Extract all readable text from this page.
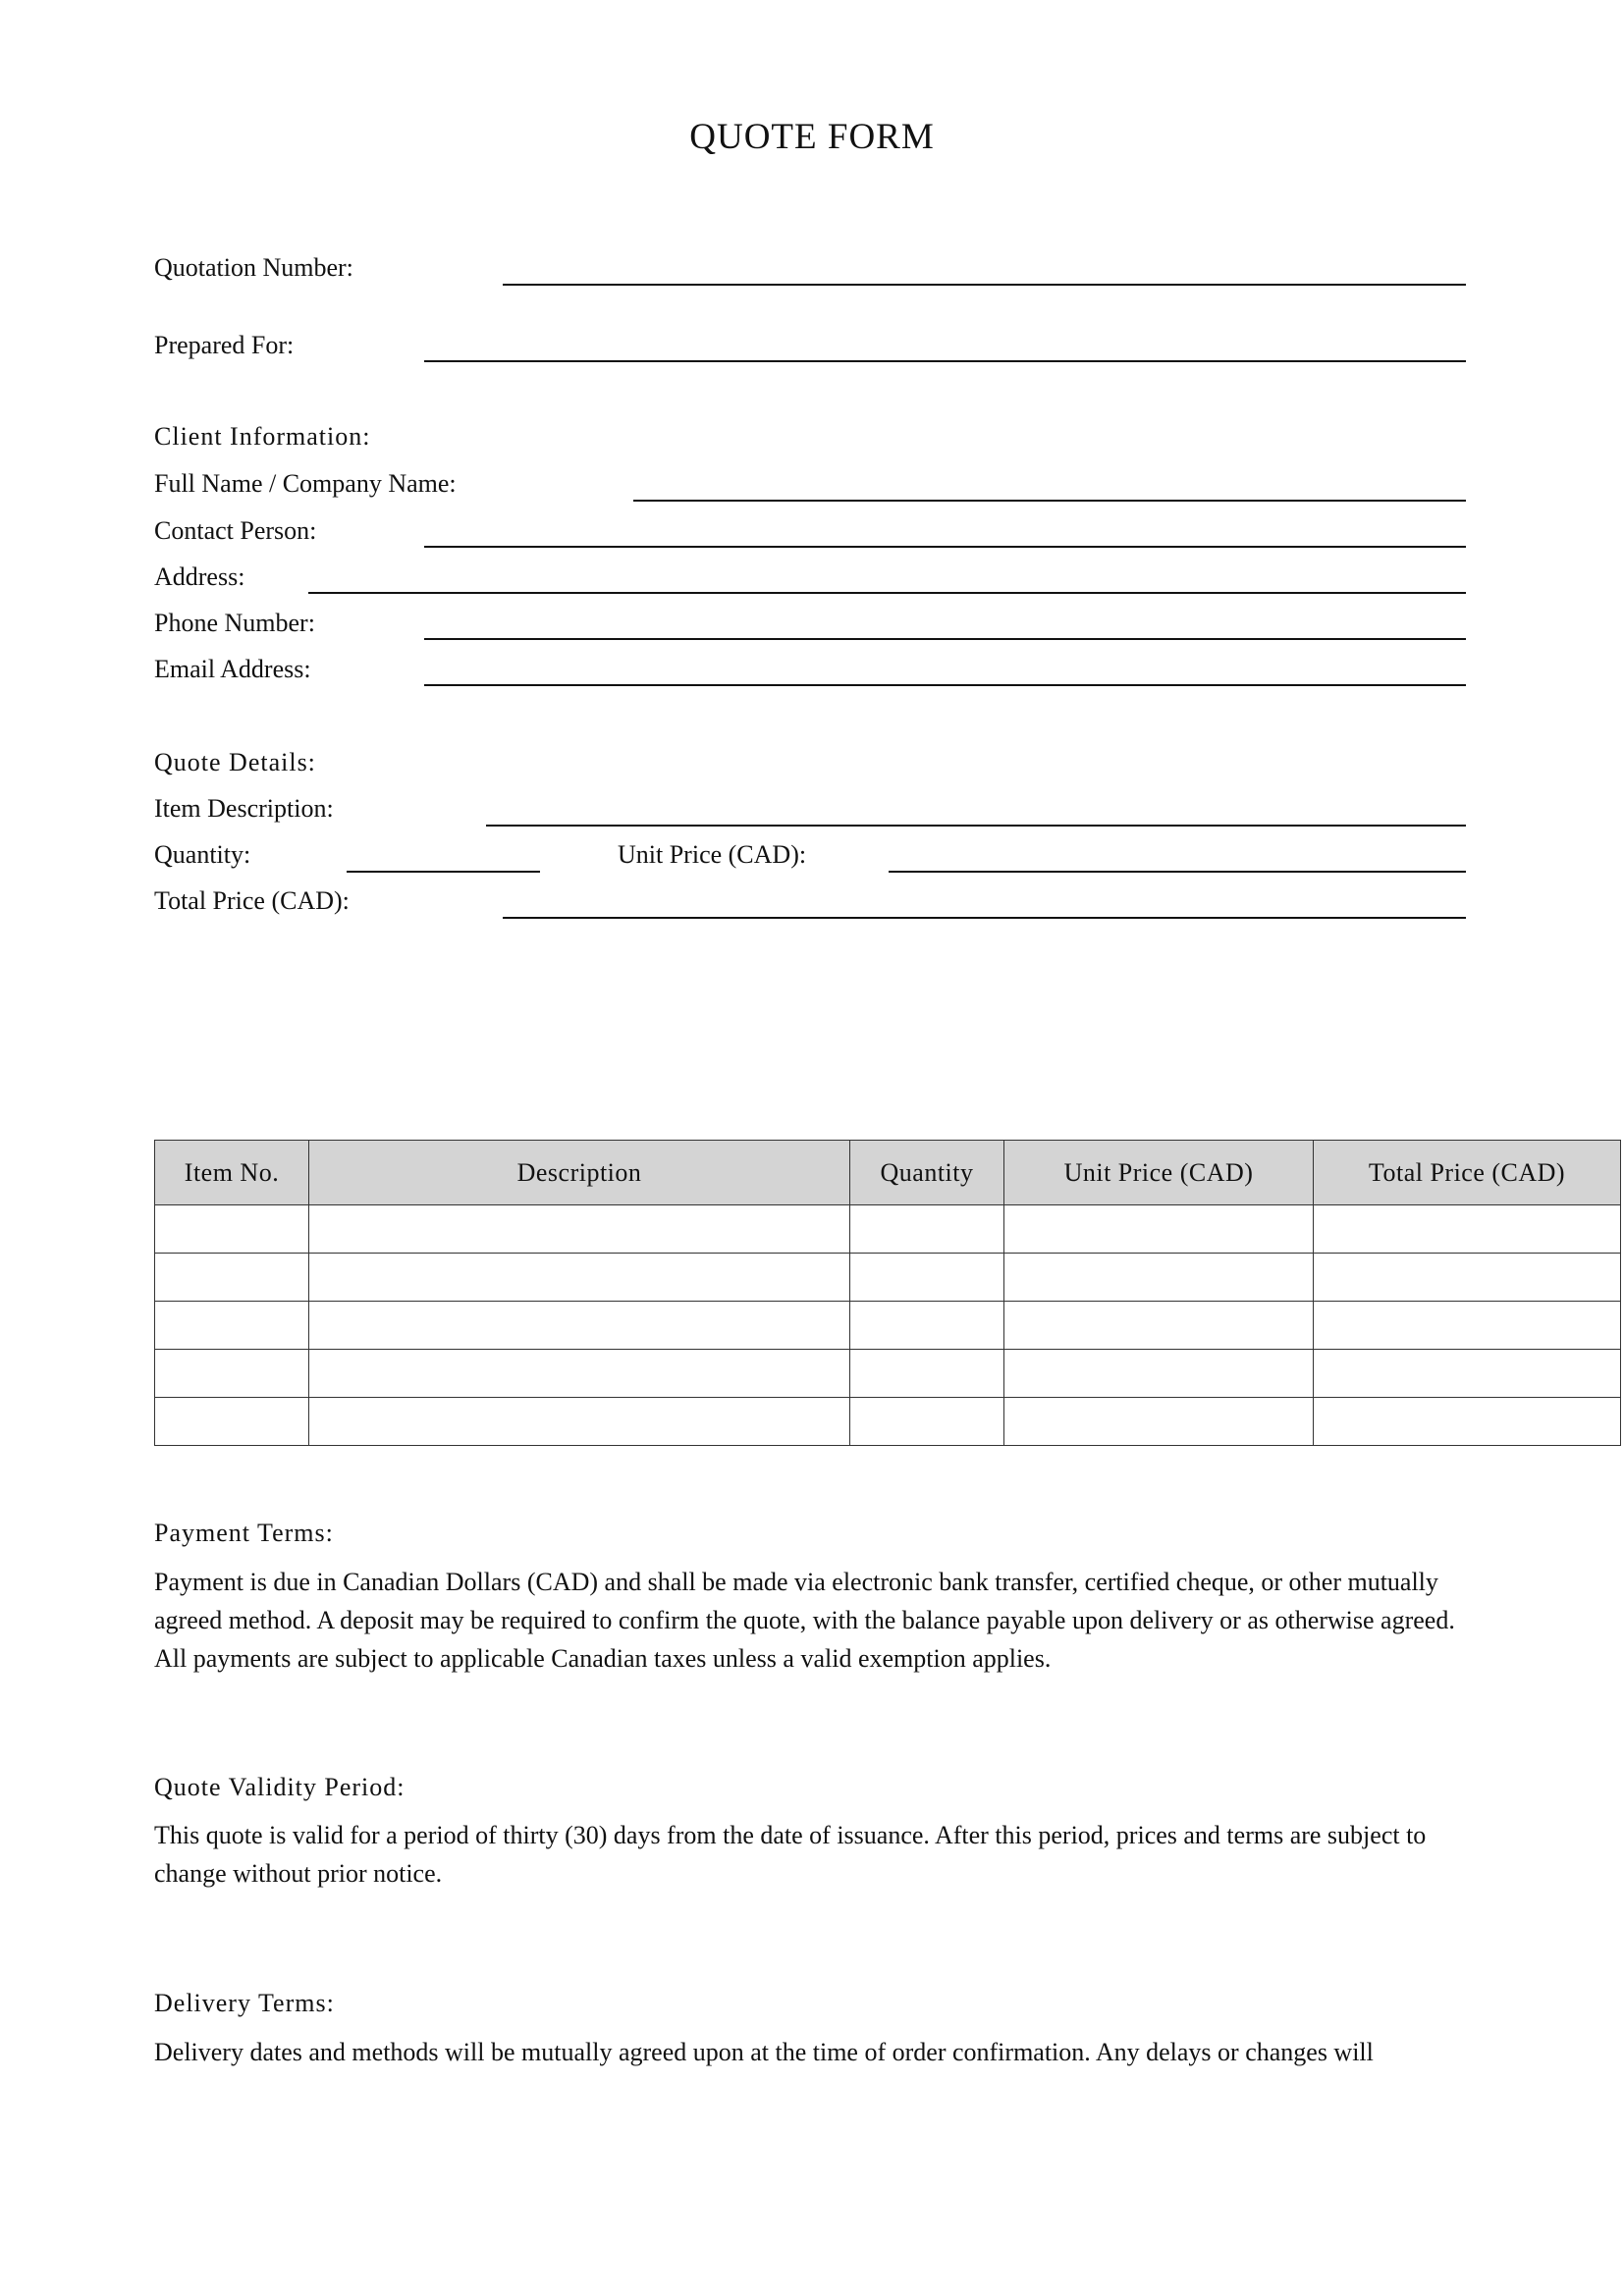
QUOTE FORM
Quotation Number:
Prepared For:
Client Information:
Full Name / Company Name:
Contact Person:
Address:
Phone Number:
Email Address:
Quote Details:
Item Description:
Quantity:	Unit Price (CAD):
Total Price (CAD):
Item No.	Description	Quantity	Unit Price (CAD)	Total Price (CAD)

Payment Terms:
Payment is due in Canadian Dollars (CAD) and shall be made via electronic bank transfer, certified cheque, or other mutually agreed method. A deposit may be required to confirm the quote, with the balance payable upon delivery or as otherwise agreed. All payments are subject to applicable Canadian taxes unless a valid exemption applies.
Quote Validity Period:
This quote is valid for a period of thirty (30) days from the date of issuance. After this period, prices and terms are subject to change without prior notice.
Delivery Terms:
Delivery dates and methods will be mutually agreed upon at the time of order confirmation. Any delays or changes will
